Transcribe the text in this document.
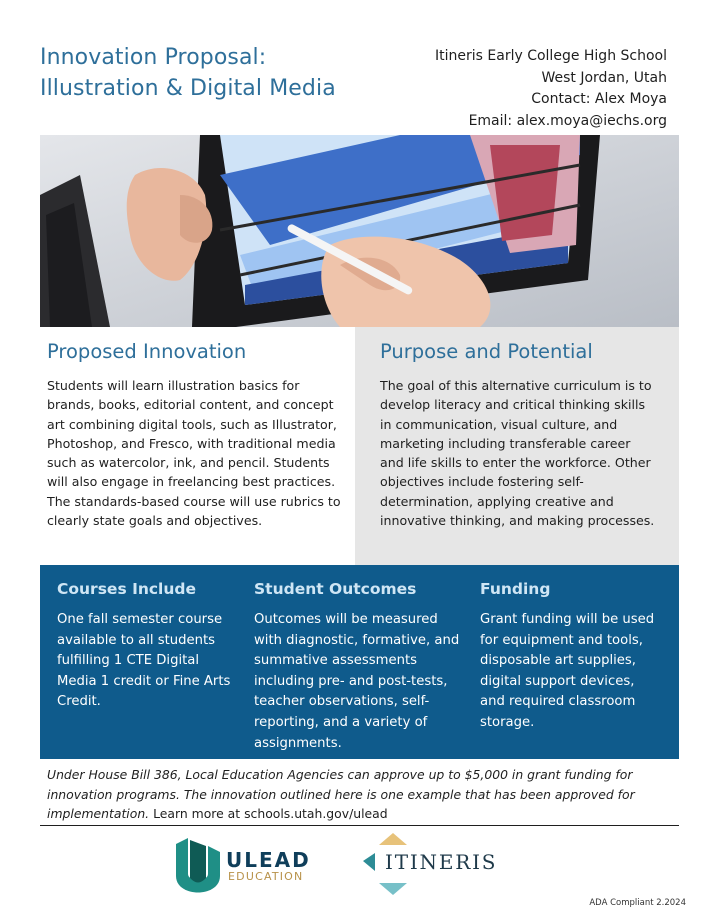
Innovation Proposal:
Illustration & Digital Media
Itineris Early College High School
West Jordan, Utah
Contact: Alex Moya
Email: alex.moya@iechs.org
Proposed Innovation
Students will learn illustration basics for brands, books, editorial content, and concept art combining digital tools, such as Illustrator, Photoshop, and Fresco, with traditional media such as watercolor, ink, and pencil. Students will also engage in freelancing best practices. The standards-based course will use rubrics to clearly state goals and objectives.
Purpose and Potential
The goal of this alternative curriculum is to develop literacy and critical thinking skills in communication, visual culture, and marketing including transferable career and life skills to enter the workforce. Other objectives include fostering self-determination, applying creative and innovative thinking, and making processes.
Courses Include
One fall semester course available to all students fulfilling 1 CTE Digital Media 1 credit or Fine Arts Credit.
Student Outcomes
Outcomes will be measured with diagnostic, formative, and summative assessments including pre- and post-tests, teacher observations, self-reporting, and a variety of assignments.
Funding
Grant funding will be used for equipment and tools, disposable art supplies, digital support devices, and required classroom storage.
Under House Bill 386, Local Education Agencies can approve up to $5,000 in grant funding for innovation programs. The innovation outlined here is one example that has been approved for implementation. Learn more at schools.utah.gov/ulead
ULEAD
EDUCATION
ITINERIS
ADA Compliant 2.2024
